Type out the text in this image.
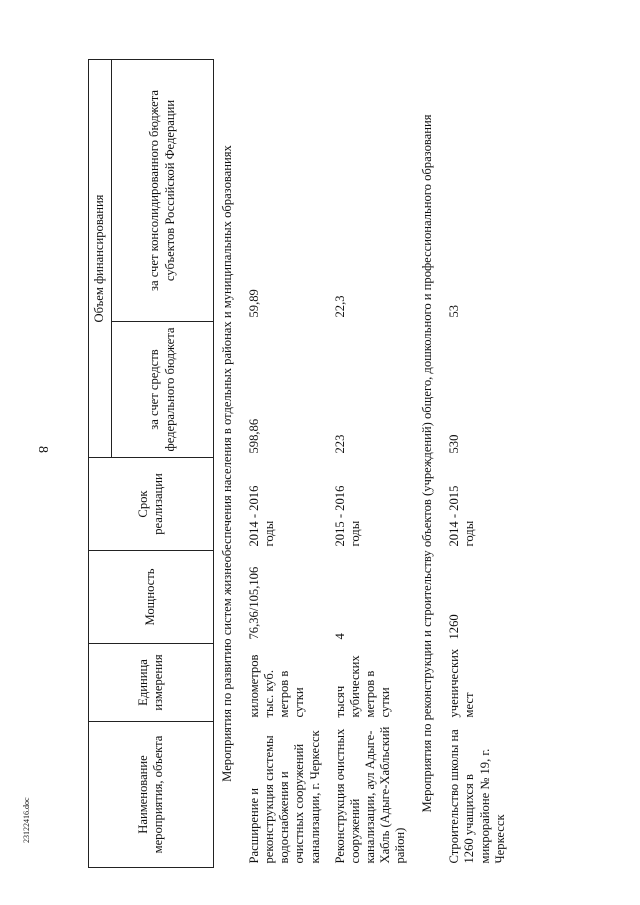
8
23122416.doc	Наименование мероприятия, объекта	Единица измерения	Мощность	Срок реализации	Объем финансирования	
				за счет средств федерального бюджета	за счет консолидированного бюджета субъектов Российской Федерации
Мероприятия по развитию систем жизнеобеспечения населения в отдельных районах и муниципальных образованиях					
Расширение и реконструкция системы водоснабжения и очистных сооружений канализации, г. Черкесск	километров тыс. куб. метров в сутки	76,36/105,106	2014 - 2016 годы	598,86	59,89
Реконструкция очистных сооружений канализации, аул Адыге-Хабль (Адыге-Хабльский район)	тысяч кубических метров в сутки	4	2015 - 2016 годы	223	22,3
Мероприятия по реконструкции и строительству объектов (учреждений) общего, дошкольного и профессионального образования					
Строительство школы на 1260 учащихся в микрорайоне № 19, г. Черкесск	ученических мест	1260	2014 - 2015 годы	530	53
